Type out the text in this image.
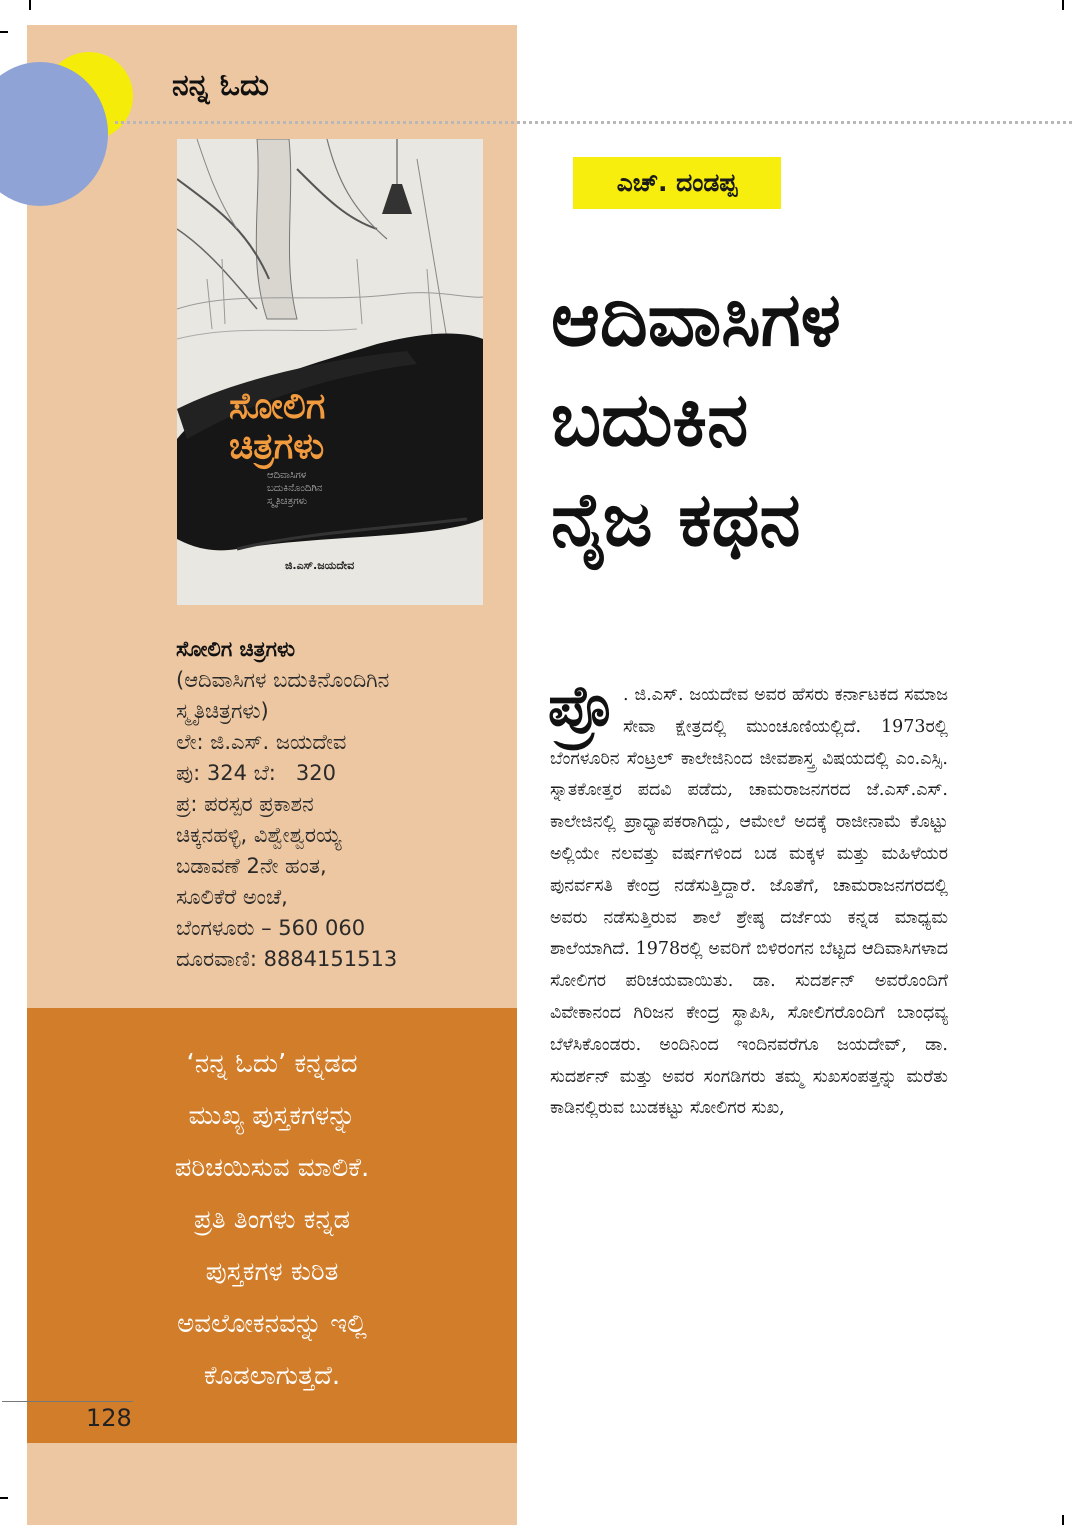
ನನ್ನ ಓದು
ಸೋಲಿಗ
ಚಿತ್ರಗಳು
ಆದಿವಾಸಿಗಳ
ಬದುಕಿನೊಂದಿಗಿನ
ಸ್ಮೃತಿಚಿತ್ರಗಳು
ಜಿ.ಎಸ್.ಜಯದೇವ
ಸೋಲಿಗ ಚಿತ್ರಗಳು
(ಆದಿವಾಸಿಗಳ ಬದುಕಿನೊಂದಿಗಿನ
ಸ್ಮೃತಿಚಿತ್ರಗಳು)
ಲೇ: ಜಿ.ಎಸ್. ಜಯದೇವ
ಪು: 324 ಬೆ:   320
ಪ್ರ: ಪರಸ್ಪರ ಪ್ರಕಾಶನ
ಚಿಕ್ಕನಹಳ್ಳಿ, ವಿಶ್ವೇಶ್ವರಯ್ಯ
ಬಡಾವಣೆ 2ನೇ ಹಂತ,
ಸೂಲಿಕೆರೆ ಅಂಚೆ,
ಬೆಂಗಳೂರು – 560 060
ದೂರವಾಣಿ: 8884151513
‘ನನ್ನ ಓದು’ ಕನ್ನಡದ
ಮುಖ್ಯ ಪುಸ್ತಕಗಳನ್ನು
ಪರಿಚಯಿಸುವ ಮಾಲಿಕೆ.
ಪ್ರತಿ ತಿಂಗಳು ಕನ್ನಡ
ಪುಸ್ತಕಗಳ ಕುರಿತ
ಅವಲೋಕನವನ್ನು ಇಲ್ಲಿ
ಕೊಡಲಾಗುತ್ತದೆ.
128
ಎಚ್. ದಂಡಪ್ಪ
ಆದಿವಾಸಿಗಳ
ಬದುಕಿನ
ನೈಜ ಕಥನ
ಪ್ರೊ . ಜಿ.ಎಸ್. ಜಯದೇವ ಅವರ ಹೆಸರು ಕರ್ನಾಟಕದ ಸಮಾಜ ಸೇವಾ ಕ್ಷೇತ್ರದಲ್ಲಿ ಮುಂಚೂಣಿಯಲ್ಲಿದೆ. 1973ರಲ್ಲಿ ಬೆಂಗಳೂರಿನ ಸೆಂಟ್ರಲ್ ಕಾಲೇಜಿನಿಂದ ಜೀವಶಾಸ್ತ್ರ ವಿಷಯದಲ್ಲಿ ಎಂ.ಎಸ್ಸಿ. ಸ್ನಾತಕೋತ್ತರ ಪದವಿ ಪಡೆದು, ಚಾಮರಾಜನಗರದ ಜೆ.ಎಸ್.ಎಸ್. ಕಾಲೇಜಿನಲ್ಲಿ ಪ್ರಾಧ್ಯಾಪಕರಾಗಿದ್ದು, ಆಮೇಲೆ ಅದಕ್ಕೆ ರಾಜೀನಾಮೆ ಕೊಟ್ಟು ಅಲ್ಲಿಯೇ ನಲವತ್ತು ವರ್ಷಗಳಿಂದ ಬಡ ಮಕ್ಕಳ ಮತ್ತು ಮಹಿಳೆಯರ ಪುನರ್ವಸತಿ ಕೇಂದ್ರ ನಡೆಸುತ್ತಿದ್ದಾರೆ. ಜೊತೆಗೆ, ಚಾಮರಾಜನಗರದಲ್ಲಿ ಅವರು ನಡೆಸುತ್ತಿರುವ ಶಾಲೆ ಶ್ರೇಷ್ಠ ದರ್ಜೆಯ ಕನ್ನಡ ಮಾಧ್ಯಮ ಶಾಲೆಯಾಗಿದೆ. 1978ರಲ್ಲಿ ಅವರಿಗೆ ಬಿಳಿರಂಗನ ಬೆಟ್ಟದ ಆದಿವಾಸಿಗಳಾದ ಸೋಲಿಗರ ಪರಿಚಯವಾಯಿತು. ಡಾ. ಸುದರ್ಶನ್ ಅವರೊಂದಿಗೆ ವಿವೇಕಾನಂದ ಗಿರಿಜನ ಕೇಂದ್ರ ಸ್ಥಾಪಿಸಿ, ಸೋಲಿಗರೊಂದಿಗೆ ಬಾಂಧವ್ಯ ಬೆಳೆಸಿಕೊಂಡರು. ಅಂದಿನಿಂದ ಇಂದಿನವರೆಗೂ ಜಯದೇವ್, ಡಾ. ಸುದರ್ಶನ್ ಮತ್ತು ಅವರ ಸಂಗಡಿಗರು ತಮ್ಮ ಸುಖಸಂಪತ್ತನ್ನು ಮರೆತು ಕಾಡಿನಲ್ಲಿರುವ ಬುಡಕಟ್ಟು ಸೋಲಿಗರ ಸುಖ,
